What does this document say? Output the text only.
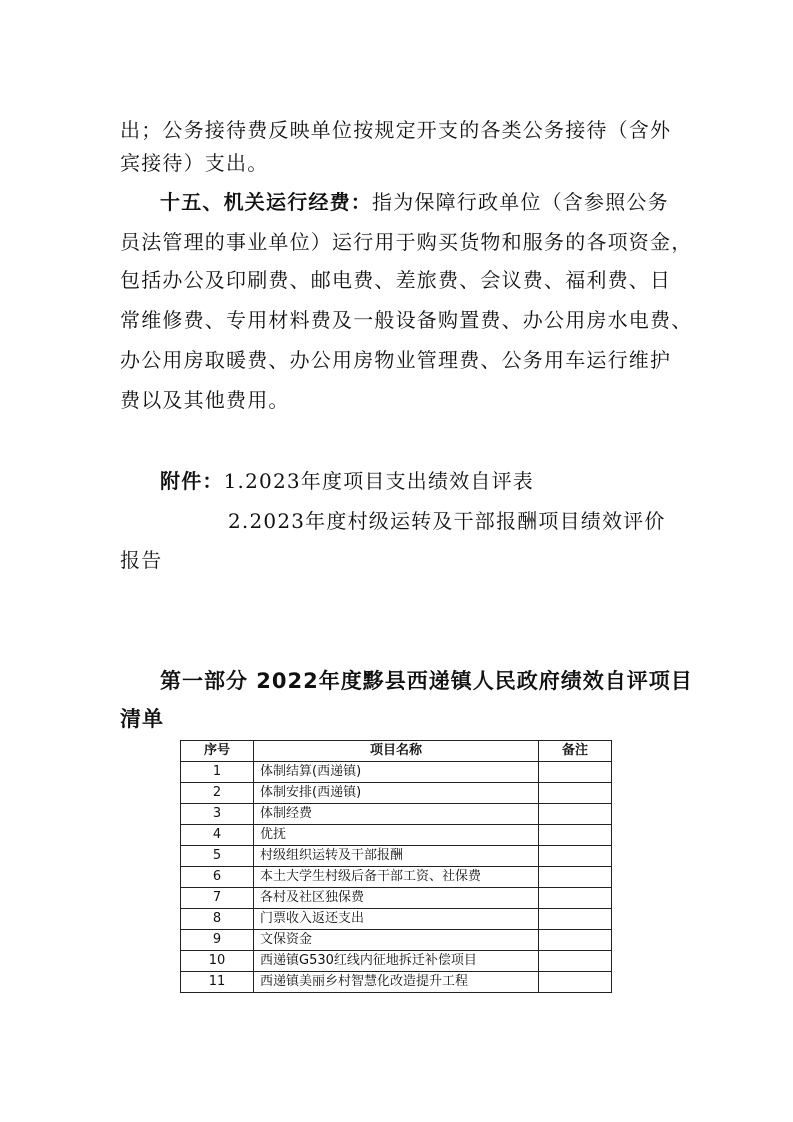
出；公务接待费反映单位按规定开支的各类公务接待（含外
宾接待）支出。
十五、机关运行经费：指为保障行政单位（含参照公务
员法管理的事业单位）运行用于购买货物和服务的各项资金，
包括办公及印刷费、邮电费、差旅费、会议费、福利费、日
常维修费、专用材料费及一般设备购置费、办公用房水电费、
办公用房取暖费、办公用房物业管理费、公务用车运行维护
费以及其他费用。
附件：1.2023年度项目支出绩效自评表
2.2023年度村级运转及干部报酬项目绩效评价
报告
第一部分 2022年度黟县西递镇人民政府绩效自评项目
清单
序号	项目名称	备注
1	体制结算(西递镇)	
2	体制安排(西递镇)	
3	体制经费	
4	优抚	
5	村级组织运转及干部报酬	
6	本土大学生村级后备干部工资、社保费	
7	各村及社区独保费	
8	门票收入返还支出	
9	文保资金	
10	西递镇G530红线内征地拆迁补偿项目	
11	西递镇美丽乡村智慧化改造提升工程	
